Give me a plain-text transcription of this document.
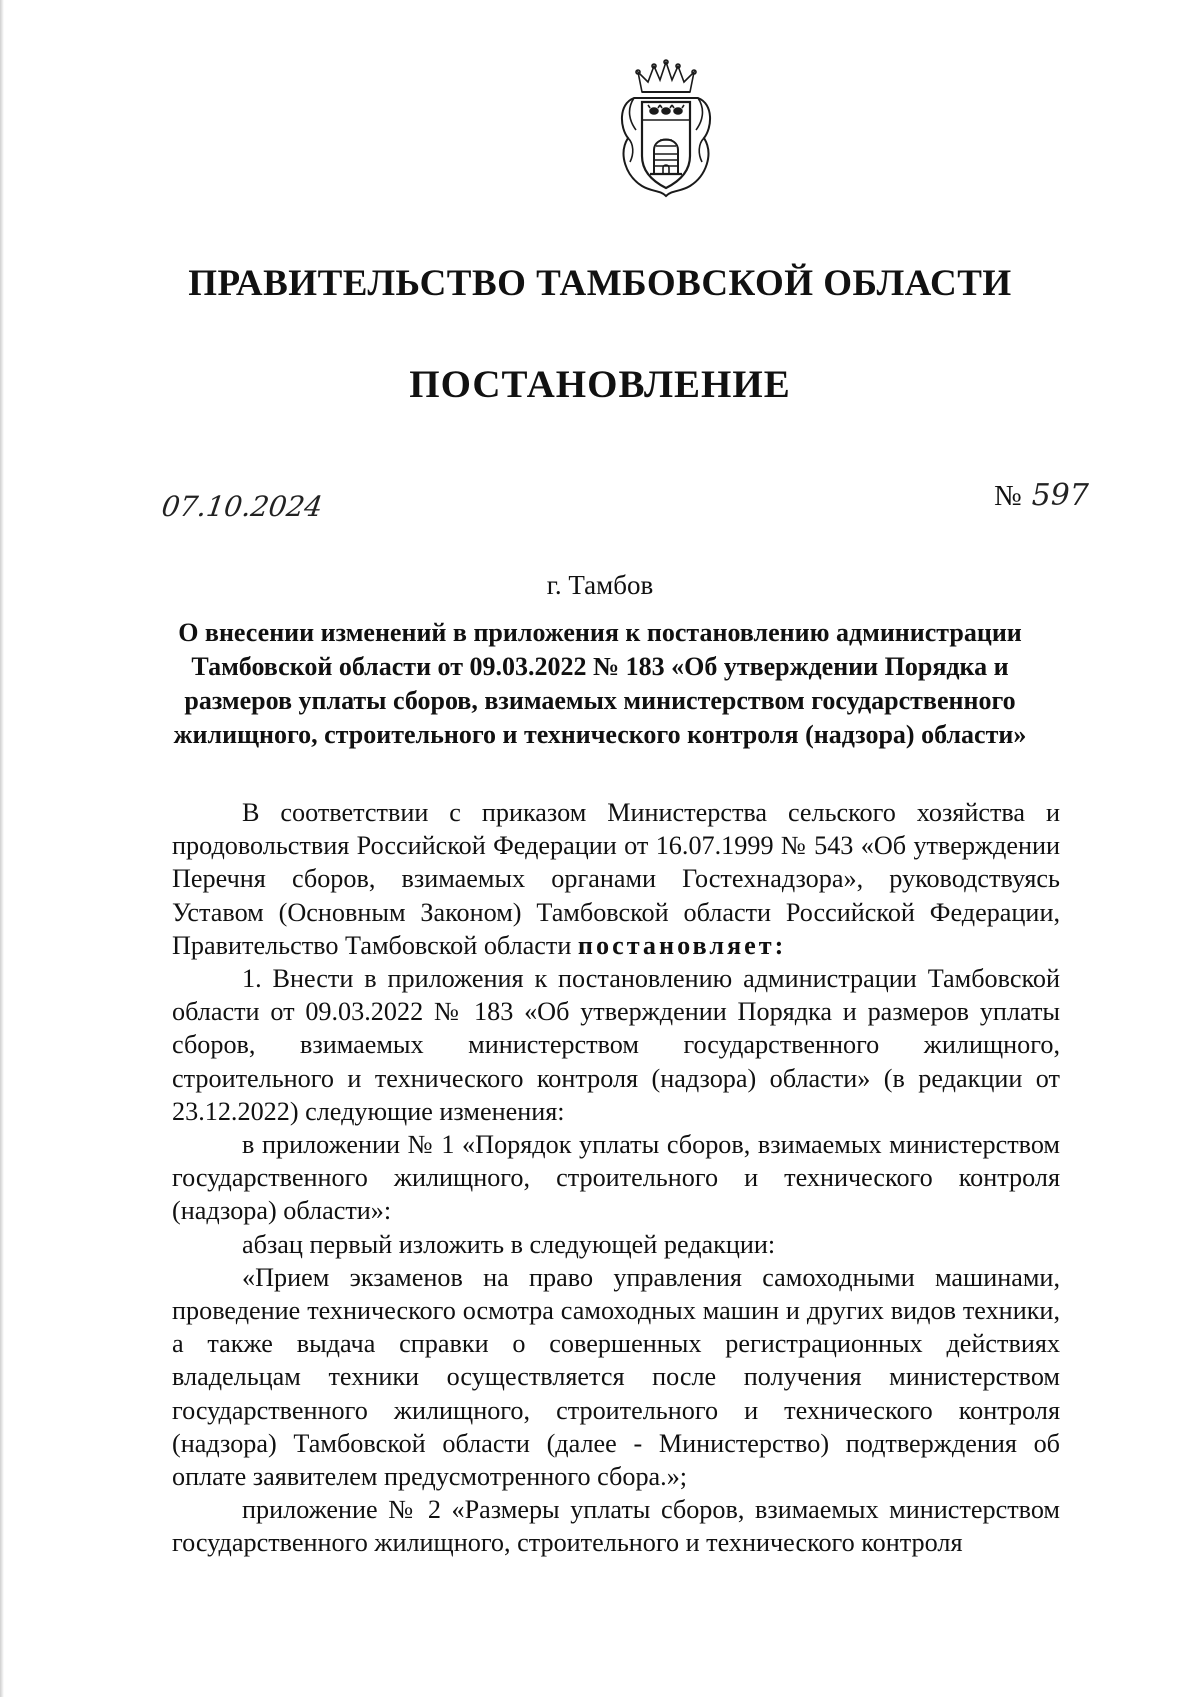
ПРАВИТЕЛЬСТВО ТАМБОВСКОЙ ОБЛАСТИ
ПОСТАНОВЛЕНИЕ
07.10.2024	№ 597
г. Тамбов

О внесении изменений в приложения к постановлению администрации Тамбовской области от 09.03.2022 № 183 «Об утверждении Порядка и размеров уплаты сборов, взимаемых министерством государственного жилищного, строительного и технического контроля (надзора) области»

В соответствии с приказом Министерства сельского хозяйства и продовольствия Российской Федерации от 16.07.1999 № 543 «Об утверждении Перечня сборов, взимаемых органами Гостехнадзора», руководствуясь Уставом (Основным Законом) Тамбовской области Российской Федерации, Правительство Тамбовской области постановляет:

1. Внести в приложения к постановлению администрации Тамбовской области от 09.03.2022 № 183 «Об утверждении Порядка и размеров уплаты сборов, взимаемых министерством государственного жилищного, строительного и технического контроля (надзора) области» (в редакции от 23.12.2022) следующие изменения:

в приложении № 1 «Порядок уплаты сборов, взимаемых министерством государственного жилищного, строительного и технического контроля (надзора) области»:

абзац первый изложить в следующей редакции:

«Прием экзаменов на право управления самоходными машинами, проведение технического осмотра самоходных машин и других видов техники, а также выдача справки о совершенных регистрационных действиях владельцам техники осуществляется после получения министерством государственного жилищного, строительного и технического контроля (надзора) Тамбовской области (далее - Министерство) подтверждения об оплате заявителем предусмотренного сбора.»;

приложение № 2 «Размеры уплаты сборов, взимаемых министерством государственного жилищного, строительного и технического контроля
